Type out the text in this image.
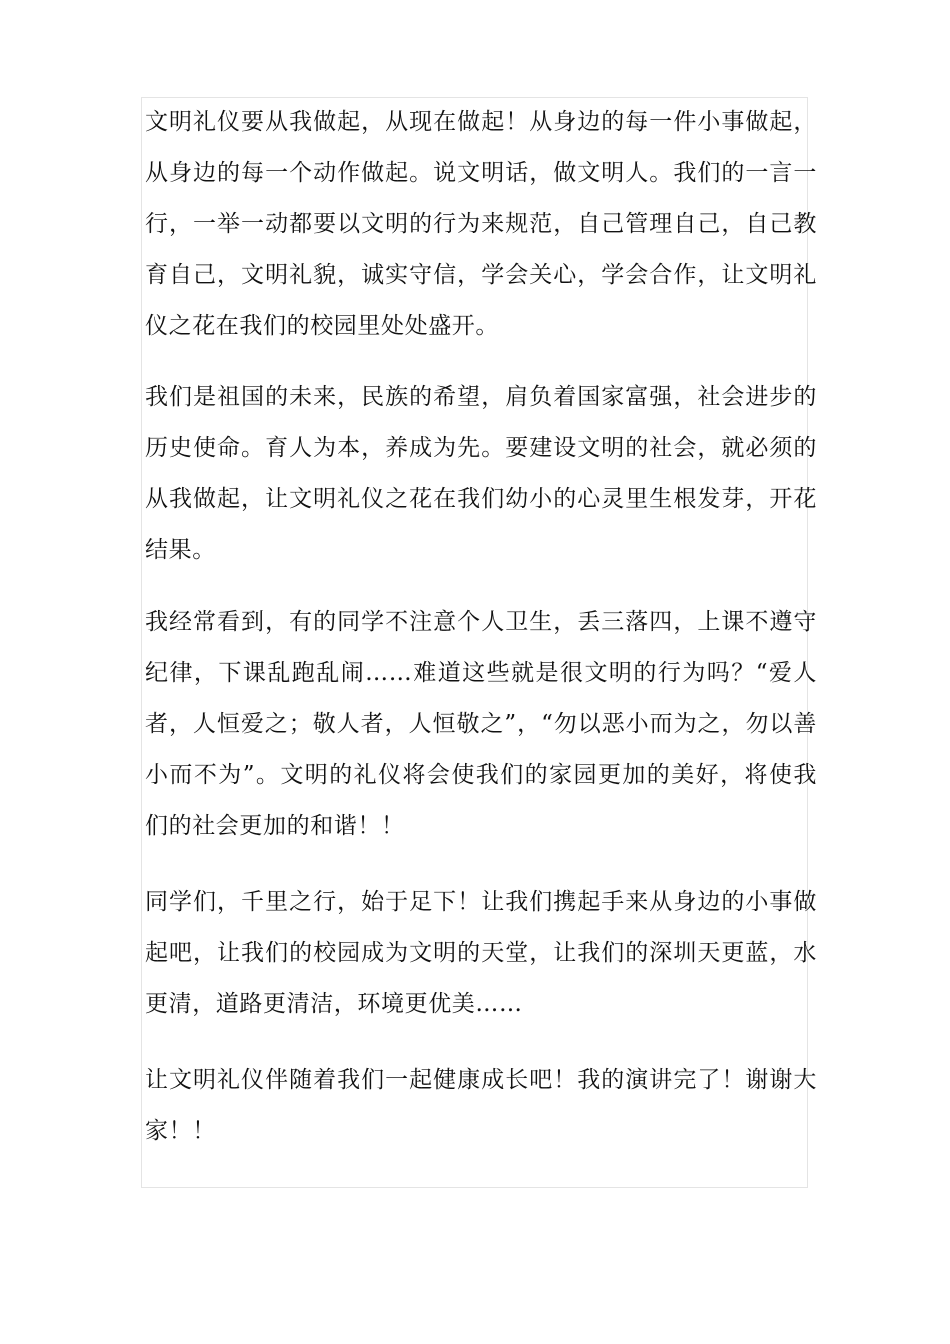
文明礼仪要从我做起，从现在做起！从身边的每一件小事做起，从身边的每一个动作做起。说文明话，做文明人。我们的一言一行，一举一动都要以文明的行为来规范，自己管理自己，自己教育自己，文明礼貌，诚实守信，学会关心，学会合作，让文明礼仪之花在我们的校园里处处盛开。

我们是祖国的未来，民族的希望，肩负着国家富强，社会进步的历史使命。育人为本，养成为先。要建设文明的社会，就必须的从我做起，让文明礼仪之花在我们幼小的心灵里生根发芽，开花结果。

我经常看到，有的同学不注意个人卫生，丢三落四，上课不遵守纪律，下课乱跑乱闹……难道这些就是很文明的行为吗？“爱人者，人恒爱之；敬人者，人恒敬之”，“勿以恶小而为之，勿以善小而不为”。文明的礼仪将会使我们的家园更加的美好，将使我们的社会更加的和谐！！

同学们，千里之行，始于足下！让我们携起手来从身边的小事做起吧，让我们的校园成为文明的天堂，让我们的深圳天更蓝，水更清，道路更清洁，环境更优美……

让文明礼仪伴随着我们一起健康成长吧！我的演讲完了！谢谢大家！！
